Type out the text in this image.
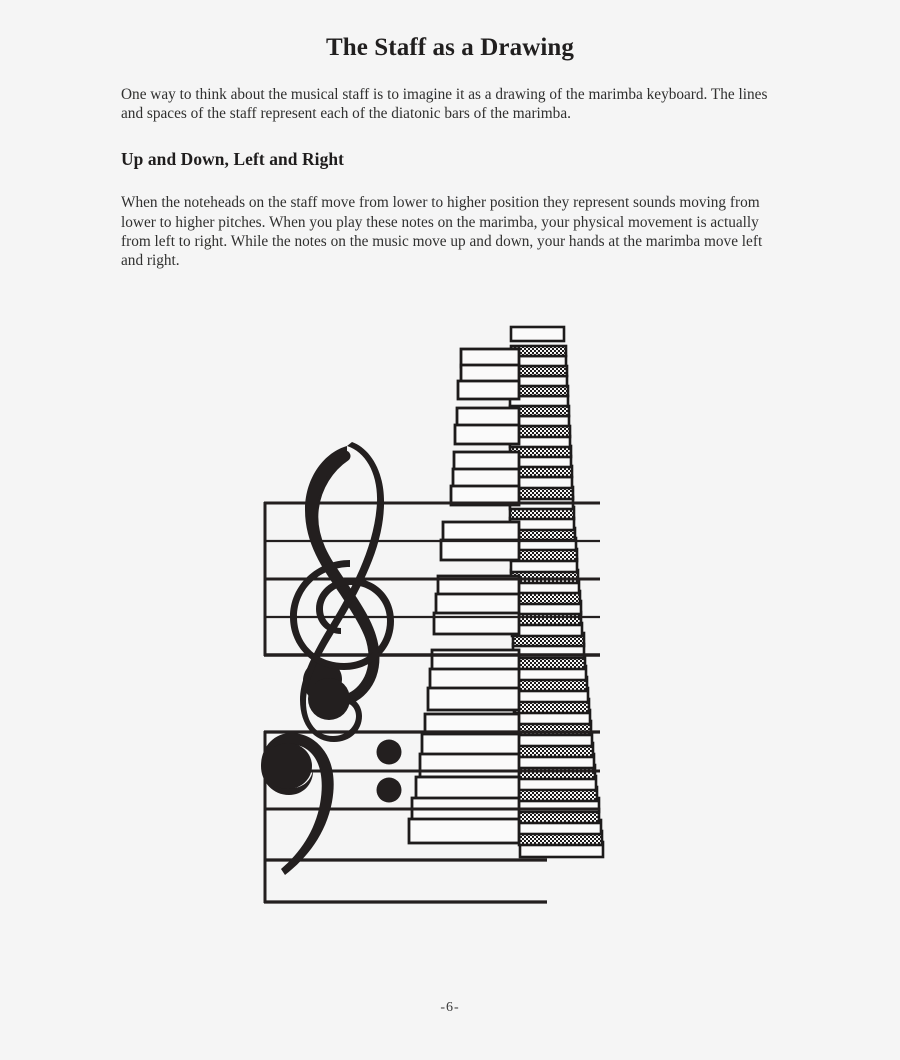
The Staff as a Drawing

One way to think about the musical staff is to imagine it as a drawing of the marimba keyboard. The lines and spaces of the staff represent each of the diatonic bars of the marimba.

Up and Down, Left and Right

When the noteheads on the staff move from lower to higher position they represent sounds moving from lower to higher pitches. When you play these notes on the marimba, your physical movement is actually from left to right. While the notes on the music move up and down, your hands at the marimba move left and right.

-6-
